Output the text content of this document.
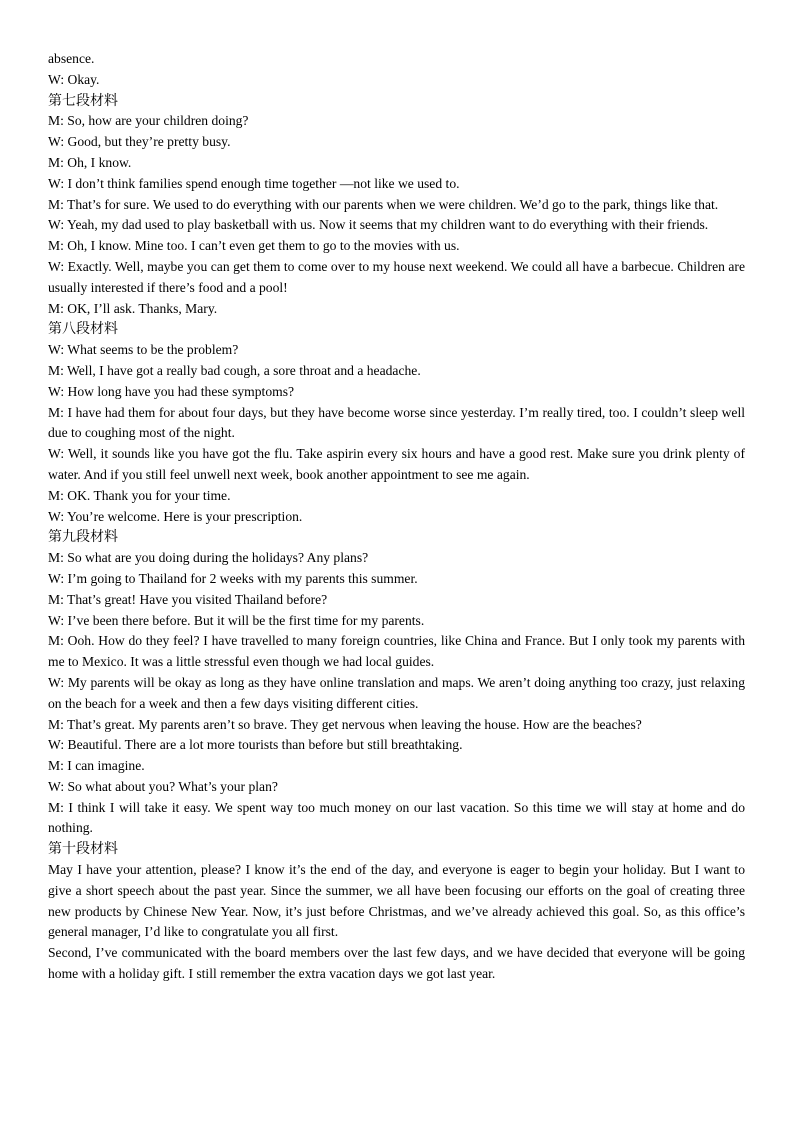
absence.
W: Okay.
第七段材料
M: So, how are your children doing?
W: Good, but they’re pretty busy.
M: Oh, I know.
W: I don’t think families spend enough time together —not like we used to.
M: That’s for sure. We used to do everything with our parents when we were children. We’d go to the park, things like that.
W: Yeah, my dad used to play basketball with us. Now it seems that my children want to do everything with their friends.
M: Oh, I know. Mine too. I can’t even get them to go to the movies with us.
W: Exactly. Well, maybe you can get them to come over to my house next weekend. We could all have a barbecue. Children are usually interested if there’s food and a pool!
M: OK, I’ll ask. Thanks, Mary.
第八段材料
W: What seems to be the problem?
M: Well, I have got a really bad cough, a sore throat and a headache.
W: How long have you had these symptoms?
M: I have had them for about four days, but they have become worse since yesterday. I’m really tired, too. I couldn’t sleep well due to coughing most of the night.
W: Well, it sounds like you have got the flu. Take aspirin every six hours and have a good rest. Make sure you drink plenty of water. And if you still feel unwell next week, book another appointment to see me again.
M: OK. Thank you for your time.
W: You’re welcome. Here is your prescription.
第九段材料
M: So what are you doing during the holidays? Any plans?
W: I’m going to Thailand for 2 weeks with my parents this summer.
M: That’s great! Have you visited Thailand before?
W: I’ve been there before. But it will be the first time for my parents.
M: Ooh. How do they feel? I have travelled to many foreign countries, like China and France. But I only took my parents with me to Mexico. It was a little stressful even though we had local guides.
W: My parents will be okay as long as they have online translation and maps. We aren’t doing anything too crazy, just relaxing on the beach for a week and then a few days visiting different cities.
M: That’s great. My parents aren’t so brave. They get nervous when leaving the house. How are the beaches?
W: Beautiful. There are a lot more tourists than before but still breathtaking.
M: I can imagine.
W: So what about you? What’s your plan?
M: I think I will take it easy. We spent way too much money on our last vacation. So this time we will stay at home and do nothing.
第十段材料
May I have your attention, please? I know it’s the end of the day, and everyone is eager to begin your holiday. But I want to give a short speech about the past year. Since the summer, we all have been focusing our efforts on the goal of creating three new products by Chinese New Year. Now, it’s just before Christmas, and we’ve already achieved this goal. So, as this office’s general manager, I’d like to congratulate you all first.
Second, I’ve communicated with the board members over the last few days, and we have decided that everyone will be going home with a holiday gift. I still remember the extra vacation days we got last year.
